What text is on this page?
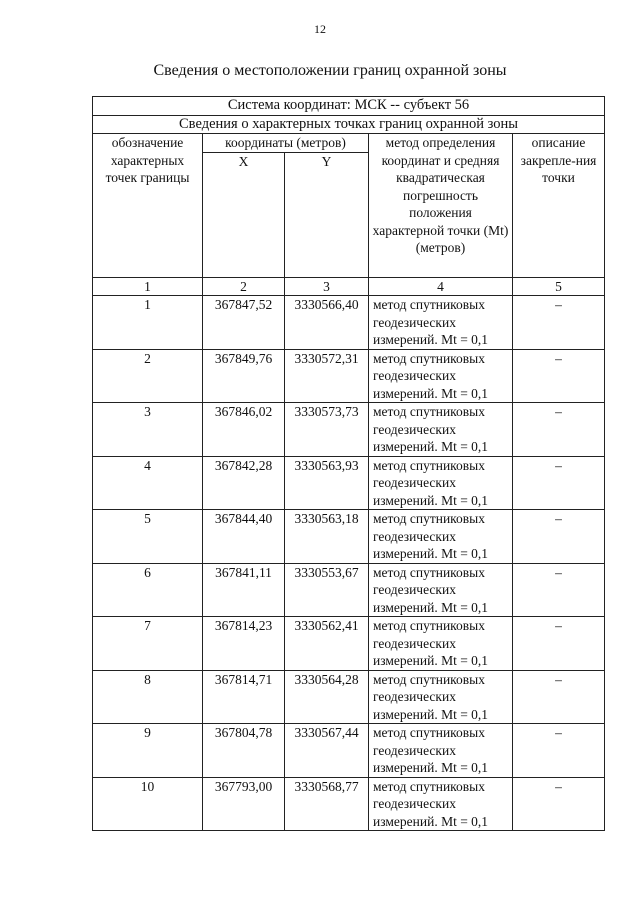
12
Сведения о местоположении границ охранной зоны
Система координат: МСК -- субъект 56				
Сведения о характерных точках границ охранной зоны				
обозначение характерных точек границы	координаты (метров)		метод определения координат и средняя квадратическая погрешность положения характерной точки (Mt) (метров)	описание закрепле-ния точки
	X	Y		
1	2	3	4	5
1	367847,52	3330566,40	метод спутниковых геодезических измерений. Mt = 0,1	–
2	367849,76	3330572,31	метод спутниковых геодезических измерений. Mt = 0,1	–
3	367846,02	3330573,73	метод спутниковых геодезических измерений. Mt = 0,1	–
4	367842,28	3330563,93	метод спутниковых геодезических измерений. Mt = 0,1	–
5	367844,40	3330563,18	метод спутниковых геодезических измерений. Mt = 0,1	–
6	367841,11	3330553,67	метод спутниковых геодезических измерений. Mt = 0,1	–
7	367814,23	3330562,41	метод спутниковых геодезических измерений. Mt = 0,1	–
8	367814,71	3330564,28	метод спутниковых геодезических измерений. Mt = 0,1	–
9	367804,78	3330567,44	метод спутниковых геодезических измерений. Mt = 0,1	–
10	367793,00	3330568,77	метод спутниковых геодезических измерений. Mt = 0,1	–
